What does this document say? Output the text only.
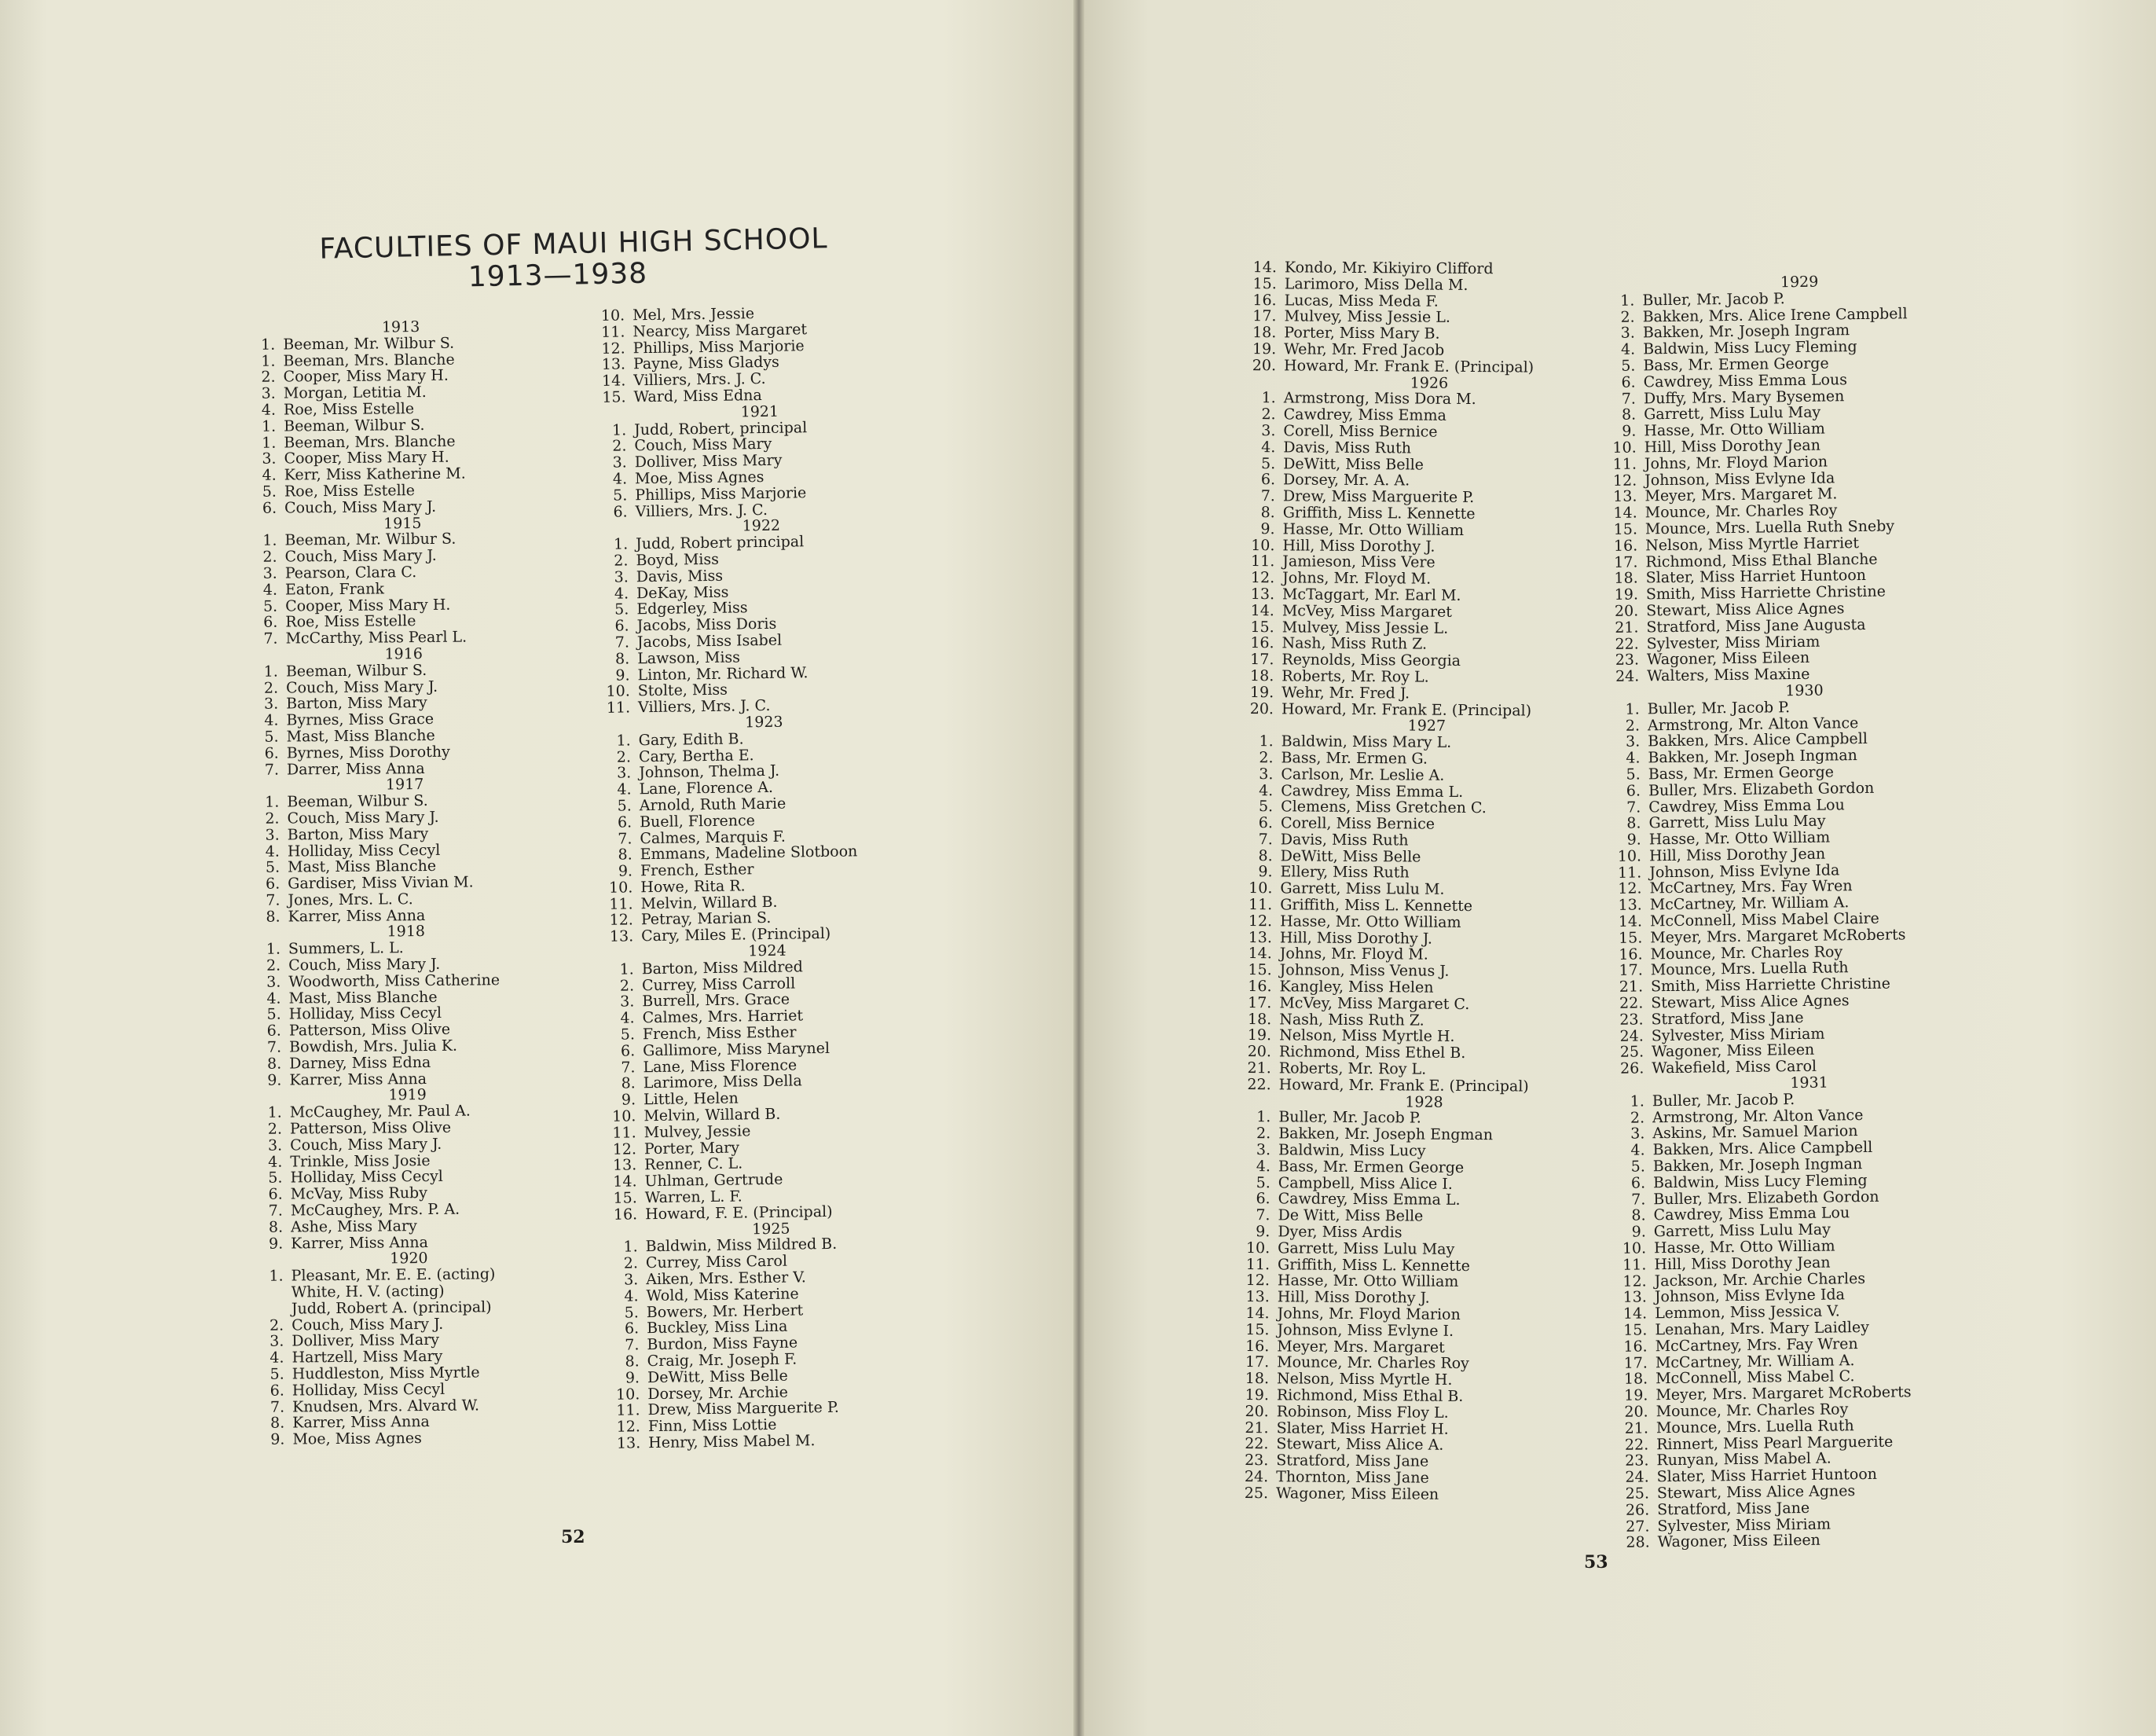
FACULTIES OF MAUI HIGH SCHOOL
1913—1938
1913
1. Beeman, Mr. Wilbur S.
1. Beeman, Mrs. Blanche
2. Cooper, Miss Mary H.
3. Morgan, Letitia M.
4. Roe, Miss Estelle
1. Beeman, Wilbur S.
1. Beeman, Mrs. Blanche
3. Cooper, Miss Mary H.
4. Kerr, Miss Katherine M.
5. Roe, Miss Estelle
6. Couch, Miss Mary J.
1915
1. Beeman, Mr. Wilbur S.
2. Couch, Miss Mary J.
3. Pearson, Clara C.
4. Eaton, Frank
5. Cooper, Miss Mary H.
6. Roe, Miss Estelle
7. McCarthy, Miss Pearl L.
1916
1. Beeman, Wilbur S.
2. Couch, Miss Mary J.
3. Barton, Miss Mary
4. Byrnes, Miss Grace
5. Mast, Miss Blanche
6. Byrnes, Miss Dorothy
7. Darrer, Miss Anna
1917
1. Beeman, Wilbur S.
2. Couch, Miss Mary J.
3. Barton, Miss Mary
4. Holliday, Miss Cecyl
5. Mast, Miss Blanche
6. Gardiser, Miss Vivian M.
7. Jones, Mrs. L. C.
8. Karrer, Miss Anna
1918
1. Summers, L. L.
2. Couch, Miss Mary J.
3. Woodworth, Miss Catherine
4. Mast, Miss Blanche
5. Holliday, Miss Cecyl
6. Patterson, Miss Olive
7. Bowdish, Mrs. Julia K.
8. Darney, Miss Edna
9. Karrer, Miss Anna
1919
1. McCaughey, Mr. Paul A.
2. Patterson, Miss Olive
3. Couch, Miss Mary J.
4. Trinkle, Miss Josie
5. Holliday, Miss Cecyl
6. McVay, Miss Ruby
7. McCaughey, Mrs. P. A.
8. Ashe, Miss Mary
9. Karrer, Miss Anna
1920
1. Pleasant, Mr. E. E. (acting)
White, H. V. (acting)
Judd, Robert A. (principal)
2. Couch, Miss Mary J.
3. Dolliver, Miss Mary
4. Hartzell, Miss Mary
5. Huddleston, Miss Myrtle
6. Holliday, Miss Cecyl
7. Knudsen, Mrs. Alvard W.
8. Karrer, Miss Anna
9. Moe, Miss Agnes
10. Mel, Mrs. Jessie
11. Nearcy, Miss Margaret
12. Phillips, Miss Marjorie
13. Payne, Miss Gladys
14. Villiers, Mrs. J. C.
15. Ward, Miss Edna
1921
1. Judd, Robert, principal
2. Couch, Miss Mary
3. Dolliver, Miss Mary
4. Moe, Miss Agnes
5. Phillips, Miss Marjorie
6. Villiers, Mrs. J. C.
1922
1. Judd, Robert principal
2. Boyd, Miss
3. Davis, Miss
4. DeKay, Miss
5. Edgerley, Miss
6. Jacobs, Miss Doris
7. Jacobs, Miss Isabel
8. Lawson, Miss
9. Linton, Mr. Richard W.
10. Stolte, Miss
11. Villiers, Mrs. J. C.
1923
1. Gary, Edith B.
2. Cary, Bertha E.
3. Johnson, Thelma J.
4. Lane, Florence A.
5. Arnold, Ruth Marie
6. Buell, Florence
7. Calmes, Marquis F.
8. Emmans, Madeline Slotboon
9. French, Esther
10. Howe, Rita R.
11. Melvin, Willard B.
12. Petray, Marian S.
13. Cary, Miles E. (Principal)
1924
1. Barton, Miss Mildred
2. Currey, Miss Carroll
3. Burrell, Mrs. Grace
4. Calmes, Mrs. Harriet
5. French, Miss Esther
6. Gallimore, Miss Marynel
7. Lane, Miss Florence
8. Larimore, Miss Della
9. Little, Helen
10. Melvin, Willard B.
11. Mulvey, Jessie
12. Porter, Mary
13. Renner, C. L.
14. Uhlman, Gertrude
15. Warren, L. F.
16. Howard, F. E. (Principal)
1925
1. Baldwin, Miss Mildred B.
2. Currey, Miss Carol
3. Aiken, Mrs. Esther V.
4. Wold, Miss Katerine
5. Bowers, Mr. Herbert
6. Buckley, Miss Lina
7. Burdon, Miss Fayne
8. Craig, Mr. Joseph F.
9. DeWitt, Miss Belle
10. Dorsey, Mr. Archie
11. Drew, Miss Marguerite P.
12. Finn, Miss Lottie
13. Henry, Miss Mabel M.
14. Kondo, Mr. Kikiyiro Clifford
15. Larimoro, Miss Della M.
16. Lucas, Miss Meda F.
17. Mulvey, Miss Jessie L.
18. Porter, Miss Mary B.
19. Wehr, Mr. Fred Jacob
20. Howard, Mr. Frank E. (Principal)
1926
1. Armstrong, Miss Dora M.
2. Cawdrey, Miss Emma
3. Corell, Miss Bernice
4. Davis, Miss Ruth
5. DeWitt, Miss Belle
6. Dorsey, Mr. A. A.
7. Drew, Miss Marguerite P.
8. Griffith, Miss L. Kennette
9. Hasse, Mr. Otto William
10. Hill, Miss Dorothy J.
11. Jamieson, Miss Vere
12. Johns, Mr. Floyd M.
13. McTaggart, Mr. Earl M.
14. McVey, Miss Margaret
15. Mulvey, Miss Jessie L.
16. Nash, Miss Ruth Z.
17. Reynolds, Miss Georgia
18. Roberts, Mr. Roy L.
19. Wehr, Mr. Fred J.
20. Howard, Mr. Frank E. (Principal)
1927
1. Baldwin, Miss Mary L.
2. Bass, Mr. Ermen G.
3. Carlson, Mr. Leslie A.
4. Cawdrey, Miss Emma L.
5. Clemens, Miss Gretchen C.
6. Corell, Miss Bernice
7. Davis, Miss Ruth
8. DeWitt, Miss Belle
9. Ellery, Miss Ruth
10. Garrett, Miss Lulu M.
11. Griffith, Miss L. Kennette
12. Hasse, Mr. Otto William
13. Hill, Miss Dorothy J.
14. Johns, Mr. Floyd M.
15. Johnson, Miss Venus J.
16. Kangley, Miss Helen
17. McVey, Miss Margaret C.
18. Nash, Miss Ruth Z.
19. Nelson, Miss Myrtle H.
20. Richmond, Miss Ethel B.
21. Roberts, Mr. Roy L.
22. Howard, Mr. Frank E. (Principal)
1928
1. Buller, Mr. Jacob P.
2. Bakken, Mr. Joseph Engman
3. Baldwin, Miss Lucy
4. Bass, Mr. Ermen George
5. Campbell, Miss Alice I.
6. Cawdrey, Miss Emma L.
7. De Witt, Miss Belle
9. Dyer, Miss Ardis
10. Garrett, Miss Lulu May
11. Griffith, Miss L. Kennette
12. Hasse, Mr. Otto William
13. Hill, Miss Dorothy J.
14. Johns, Mr. Floyd Marion
15. Johnson, Miss Evlyne I.
16. Meyer, Mrs. Margaret
17. Mounce, Mr. Charles Roy
18. Nelson, Miss Myrtle H.
19. Richmond, Miss Ethal B.
20. Robinson, Miss Floy L.
21. Slater, Miss Harriet H.
22. Stewart, Miss Alice A.
23. Stratford, Miss Jane
24. Thornton, Miss Jane
25. Wagoner, Miss Eileen
1929
1. Buller, Mr. Jacob P.
2. Bakken, Mrs. Alice Irene Campbell
3. Bakken, Mr. Joseph Ingram
4. Baldwin, Miss Lucy Fleming
5. Bass, Mr. Ermen George
6. Cawdrey, Miss Emma Lous
7. Duffy, Mrs. Mary Bysemen
8. Garrett, Miss Lulu May
9. Hasse, Mr. Otto William
10. Hill, Miss Dorothy Jean
11. Johns, Mr. Floyd Marion
12. Johnson, Miss Evlyne Ida
13. Meyer, Mrs. Margaret M.
14. Mounce, Mr. Charles Roy
15. Mounce, Mrs. Luella Ruth Sneby
16. Nelson, Miss Myrtle Harriet
17. Richmond, Miss Ethal Blanche
18. Slater, Miss Harriet Huntoon
19. Smith, Miss Harriette Christine
20. Stewart, Miss Alice Agnes
21. Stratford, Miss Jane Augusta
22. Sylvester, Miss Miriam
23. Wagoner, Miss Eileen
24. Walters, Miss Maxine
1930
1. Buller, Mr. Jacob P.
2. Armstrong, Mr. Alton Vance
3. Bakken, Mrs. Alice Campbell
4. Bakken, Mr. Joseph Ingman
5. Bass, Mr. Ermen George
6. Buller, Mrs. Elizabeth Gordon
7. Cawdrey, Miss Emma Lou
8. Garrett, Miss Lulu May
9. Hasse, Mr. Otto William
10. Hill, Miss Dorothy Jean
11. Johnson, Miss Evlyne Ida
12. McCartney, Mrs. Fay Wren
13. McCartney, Mr. William A.
14. McConnell, Miss Mabel Claire
15. Meyer, Mrs. Margaret McRoberts
16. Mounce, Mr. Charles Roy
17. Mounce, Mrs. Luella Ruth
21. Smith, Miss Harriette Christine
22. Stewart, Miss Alice Agnes
23. Stratford, Miss Jane
24. Sylvester, Miss Miriam
25. Wagoner, Miss Eileen
26. Wakefield, Miss Carol
1931
1. Buller, Mr. Jacob P.
2. Armstrong, Mr. Alton Vance
3. Askins, Mr. Samuel Marion
4. Bakken, Mrs. Alice Campbell
5. Bakken, Mr. Joseph Ingman
6. Baldwin, Miss Lucy Fleming
7. Buller, Mrs. Elizabeth Gordon
8. Cawdrey, Miss Emma Lou
9. Garrett, Miss Lulu May
10. Hasse, Mr. Otto William
11. Hill, Miss Dorothy Jean
12. Jackson, Mr. Archie Charles
13. Johnson, Miss Evlyne Ida
14. Lemmon, Miss Jessica V.
15. Lenahan, Mrs. Mary Laidley
16. McCartney, Mrs. Fay Wren
17. McCartney, Mr. William A.
18. McConnell, Miss Mabel C.
19. Meyer, Mrs. Margaret McRoberts
20. Mounce, Mr. Charles Roy
21. Mounce, Mrs. Luella Ruth
22. Rinnert, Miss Pearl Marguerite
23. Runyan, Miss Mabel A.
24. Slater, Miss Harriet Huntoon
25. Stewart, Miss Alice Agnes
26. Stratford, Miss Jane
27. Sylvester, Miss Miriam
28. Wagoner, Miss Eileen
52
53
